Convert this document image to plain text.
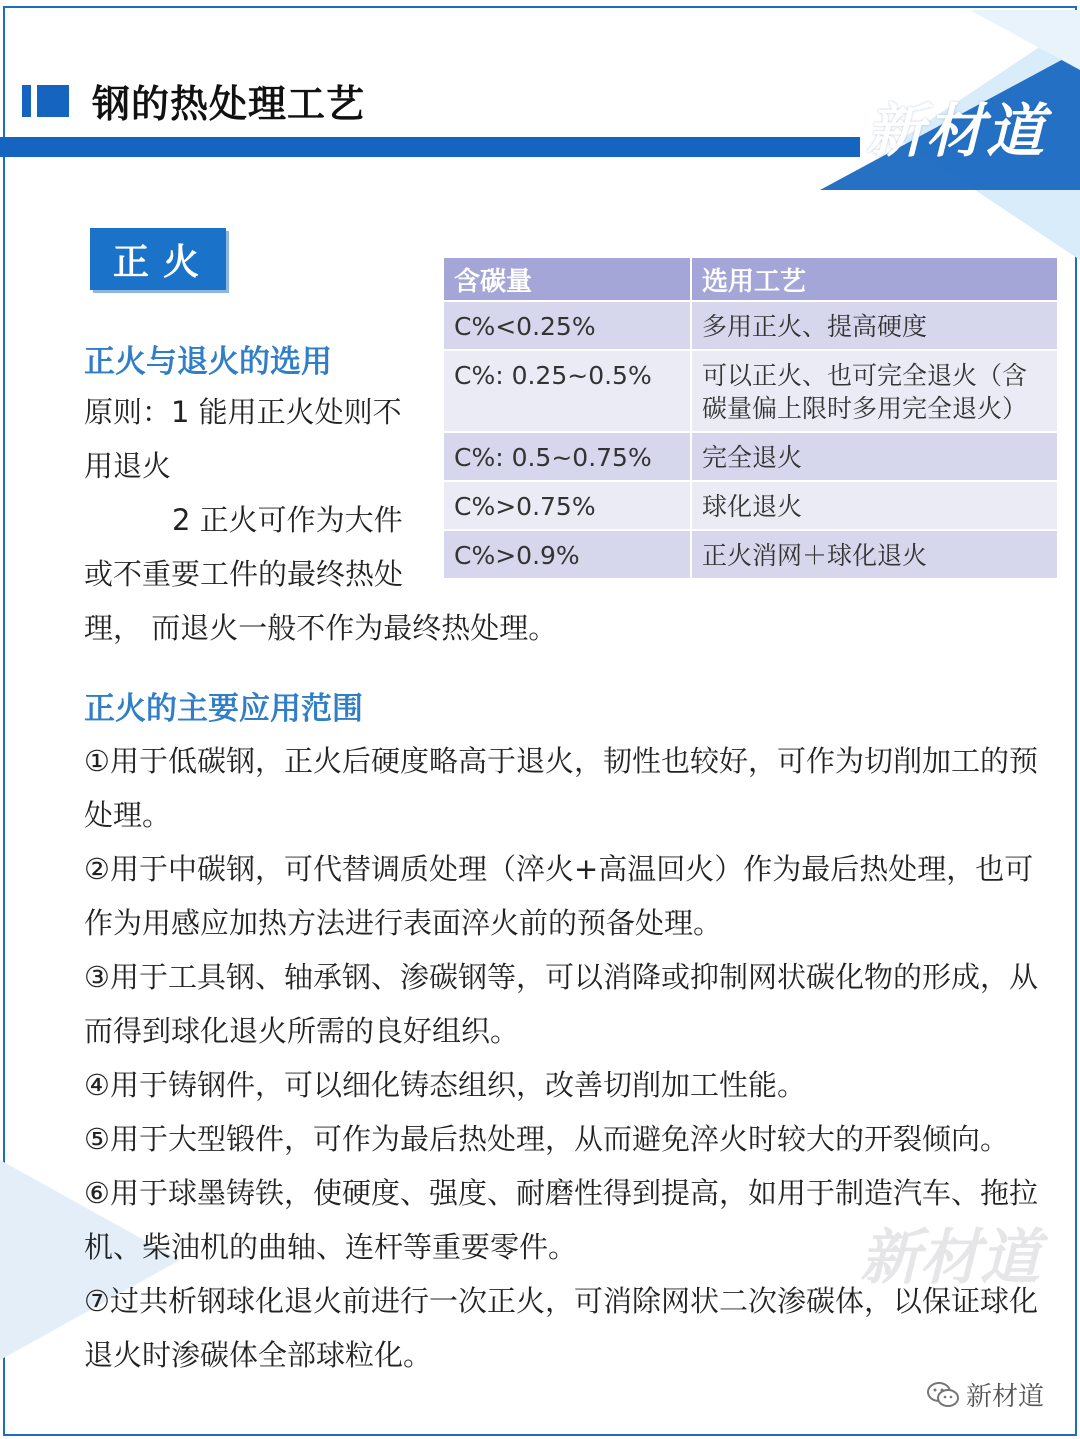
钢的热处理工艺	新材道
正火
正火与退火的选用
原则：1 能用正火处则不
用退火
2 正火可作为大件
或不重要工件的最终热处
理， 而退火一般不作为最终热处理。
含碳量	选用工艺
C%<0.25%	多用正火、提高硬度
C%: 0.25~0.5%	可以正火、也可完全退火（含碳量偏上限时多用完全退火）
C%: 0.5~0.75%	完全退火
C%>0.75%	球化退火
C%>0.9%	正火消网＋球化退火
正火的主要应用范围
①用于低碳钢，正火后硬度略高于退火，韧性也较好，可作为切削加工的预处理。
②用于中碳钢，可代替调质处理（淬火+高温回火）作为最后热处理，也可作为用感应加热方法进行表面淬火前的预备处理。
③用于工具钢、轴承钢、渗碳钢等，可以消降或抑制网状碳化物的形成，从而得到球化退火所需的良好组织。
④用于铸钢件，可以细化铸态组织，改善切削加工性能。
⑤用于大型锻件，可作为最后热处理，从而避免淬火时较大的开裂倾向。
⑥用于球墨铸铁，使硬度、强度、耐磨性得到提高，如用于制造汽车、拖拉机、柴油机的曲轴、连杆等重要零件。
⑦过共析钢球化退火前进行一次正火，可消除网状二次渗碳体，以保证球化退火时渗碳体全部球粒化。
新材道
新材道
